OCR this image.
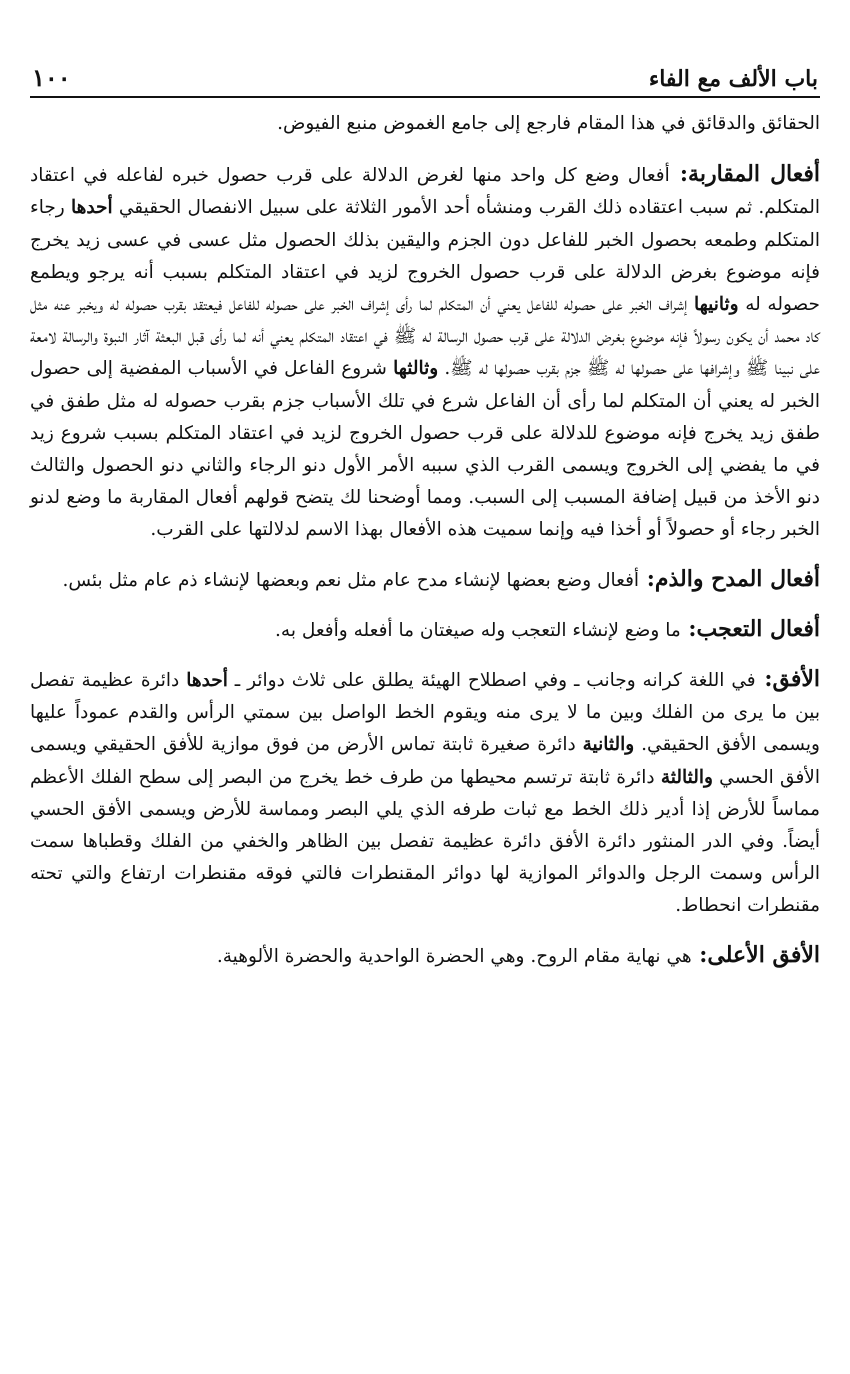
باب الألف مع الفاء
١٠٠

الحقائق والدقائق في هذا المقام فارجع إلى جامع الغموض منبع الفيوض.

أفعال المقاربة: أفعال وضع كل واحد منها لغرض الدلالة على قرب حصول خبره لفاعله في اعتقاد المتكلم. ثم سبب اعتقاده ذلك القرب ومنشأه أحد الأمور الثلاثة على سبيل الانفصال الحقيقي أحدها رجاء المتكلم وطمعه بحصول الخبر للفاعل دون الجزم واليقين بذلك الحصول مثل عسى في عسى زيد يخرج فإنه موضوع بغرض الدلالة على قرب حصول الخروج لزيد في اعتقاد المتكلم بسبب أنه يرجو ويطمع حصوله له وثانيها إشراف الخبر على حصوله للفاعل يعني أن المتكلم لما رأى إشراف الخبر على حصوله للفاعل فيعتقد بقرب حصوله له ويخبر عنه مثل كاد محمد أن يكون رسولاً فإنه موضوع بغرض الدلالة على قرب حصول الرسالة له ﷺ في اعتقاد المتكلم يعني أنه لما رأى قبل البعثة آثار النبوة والرسالة لامعة على نبينا ﷺ وإشرافها على حصولها له ﷺ جزم بقرب حصولها له ﷺ. وثالثها شروع الفاعل في الأسباب المفضية إلى حصول الخبر له يعني أن المتكلم لما رأى أن الفاعل شرع في تلك الأسباب جزم بقرب حصوله له مثل طفق في طفق زيد يخرج فإنه موضوع للدلالة على قرب حصول الخروج لزيد في اعتقاد المتكلم بسبب شروع زيد في ما يفضي إلى الخروج ويسمى القرب الذي سببه الأمر الأول دنو الرجاء والثاني دنو الحصول والثالث دنو الأخذ من قبيل إضافة المسبب إلى السبب. ومما أوضحنا لك يتضح قولهم أفعال المقاربة ما وضع لدنو الخبر رجاء أو حصولاً أو أخذا فيه وإنما سميت هذه الأفعال بهذا الاسم لدلالتها على القرب.

أفعال المدح والذم: أفعال وضع بعضها لإنشاء مدح عام مثل نعم وبعضها لإنشاء ذم عام مثل بئس.

أفعال التعجب: ما وضع لإنشاء التعجب وله صيغتان ما أفعله وأفعل به.

الأفق: في اللغة كرانه وجانب ـ وفي اصطلاح الهيئة يطلق على ثلاث دوائر ـ أحدها دائرة عظيمة تفصل بين ما يرى من الفلك وبين ما لا يرى منه ويقوم الخط الواصل بين سمتي الرأس والقدم عموداً عليها ويسمى الأفق الحقيقي. والثانية دائرة صغيرة ثابتة تماس الأرض من فوق موازية للأفق الحقيقي ويسمى الأفق الحسي والثالثة دائرة ثابتة ترتسم محيطها من طرف خط يخرج من البصر إلى سطح الفلك الأعظم مماساً للأرض إذا أدير ذلك الخط مع ثبات طرفه الذي يلي البصر ومماسة للأرض ويسمى الأفق الحسي أيضاً. وفي الدر المنثور دائرة الأفق دائرة عظيمة تفصل بين الظاهر والخفي من الفلك وقطباها سمت الرأس وسمت الرجل والدوائر الموازية لها دوائر المقنطرات فالتي فوقه مقنطرات ارتفاع والتي تحته مقنطرات انحطاط.

الأفق الأعلى: هي نهاية مقام الروح. وهي الحضرة الواحدية والحضرة الألوهية.
